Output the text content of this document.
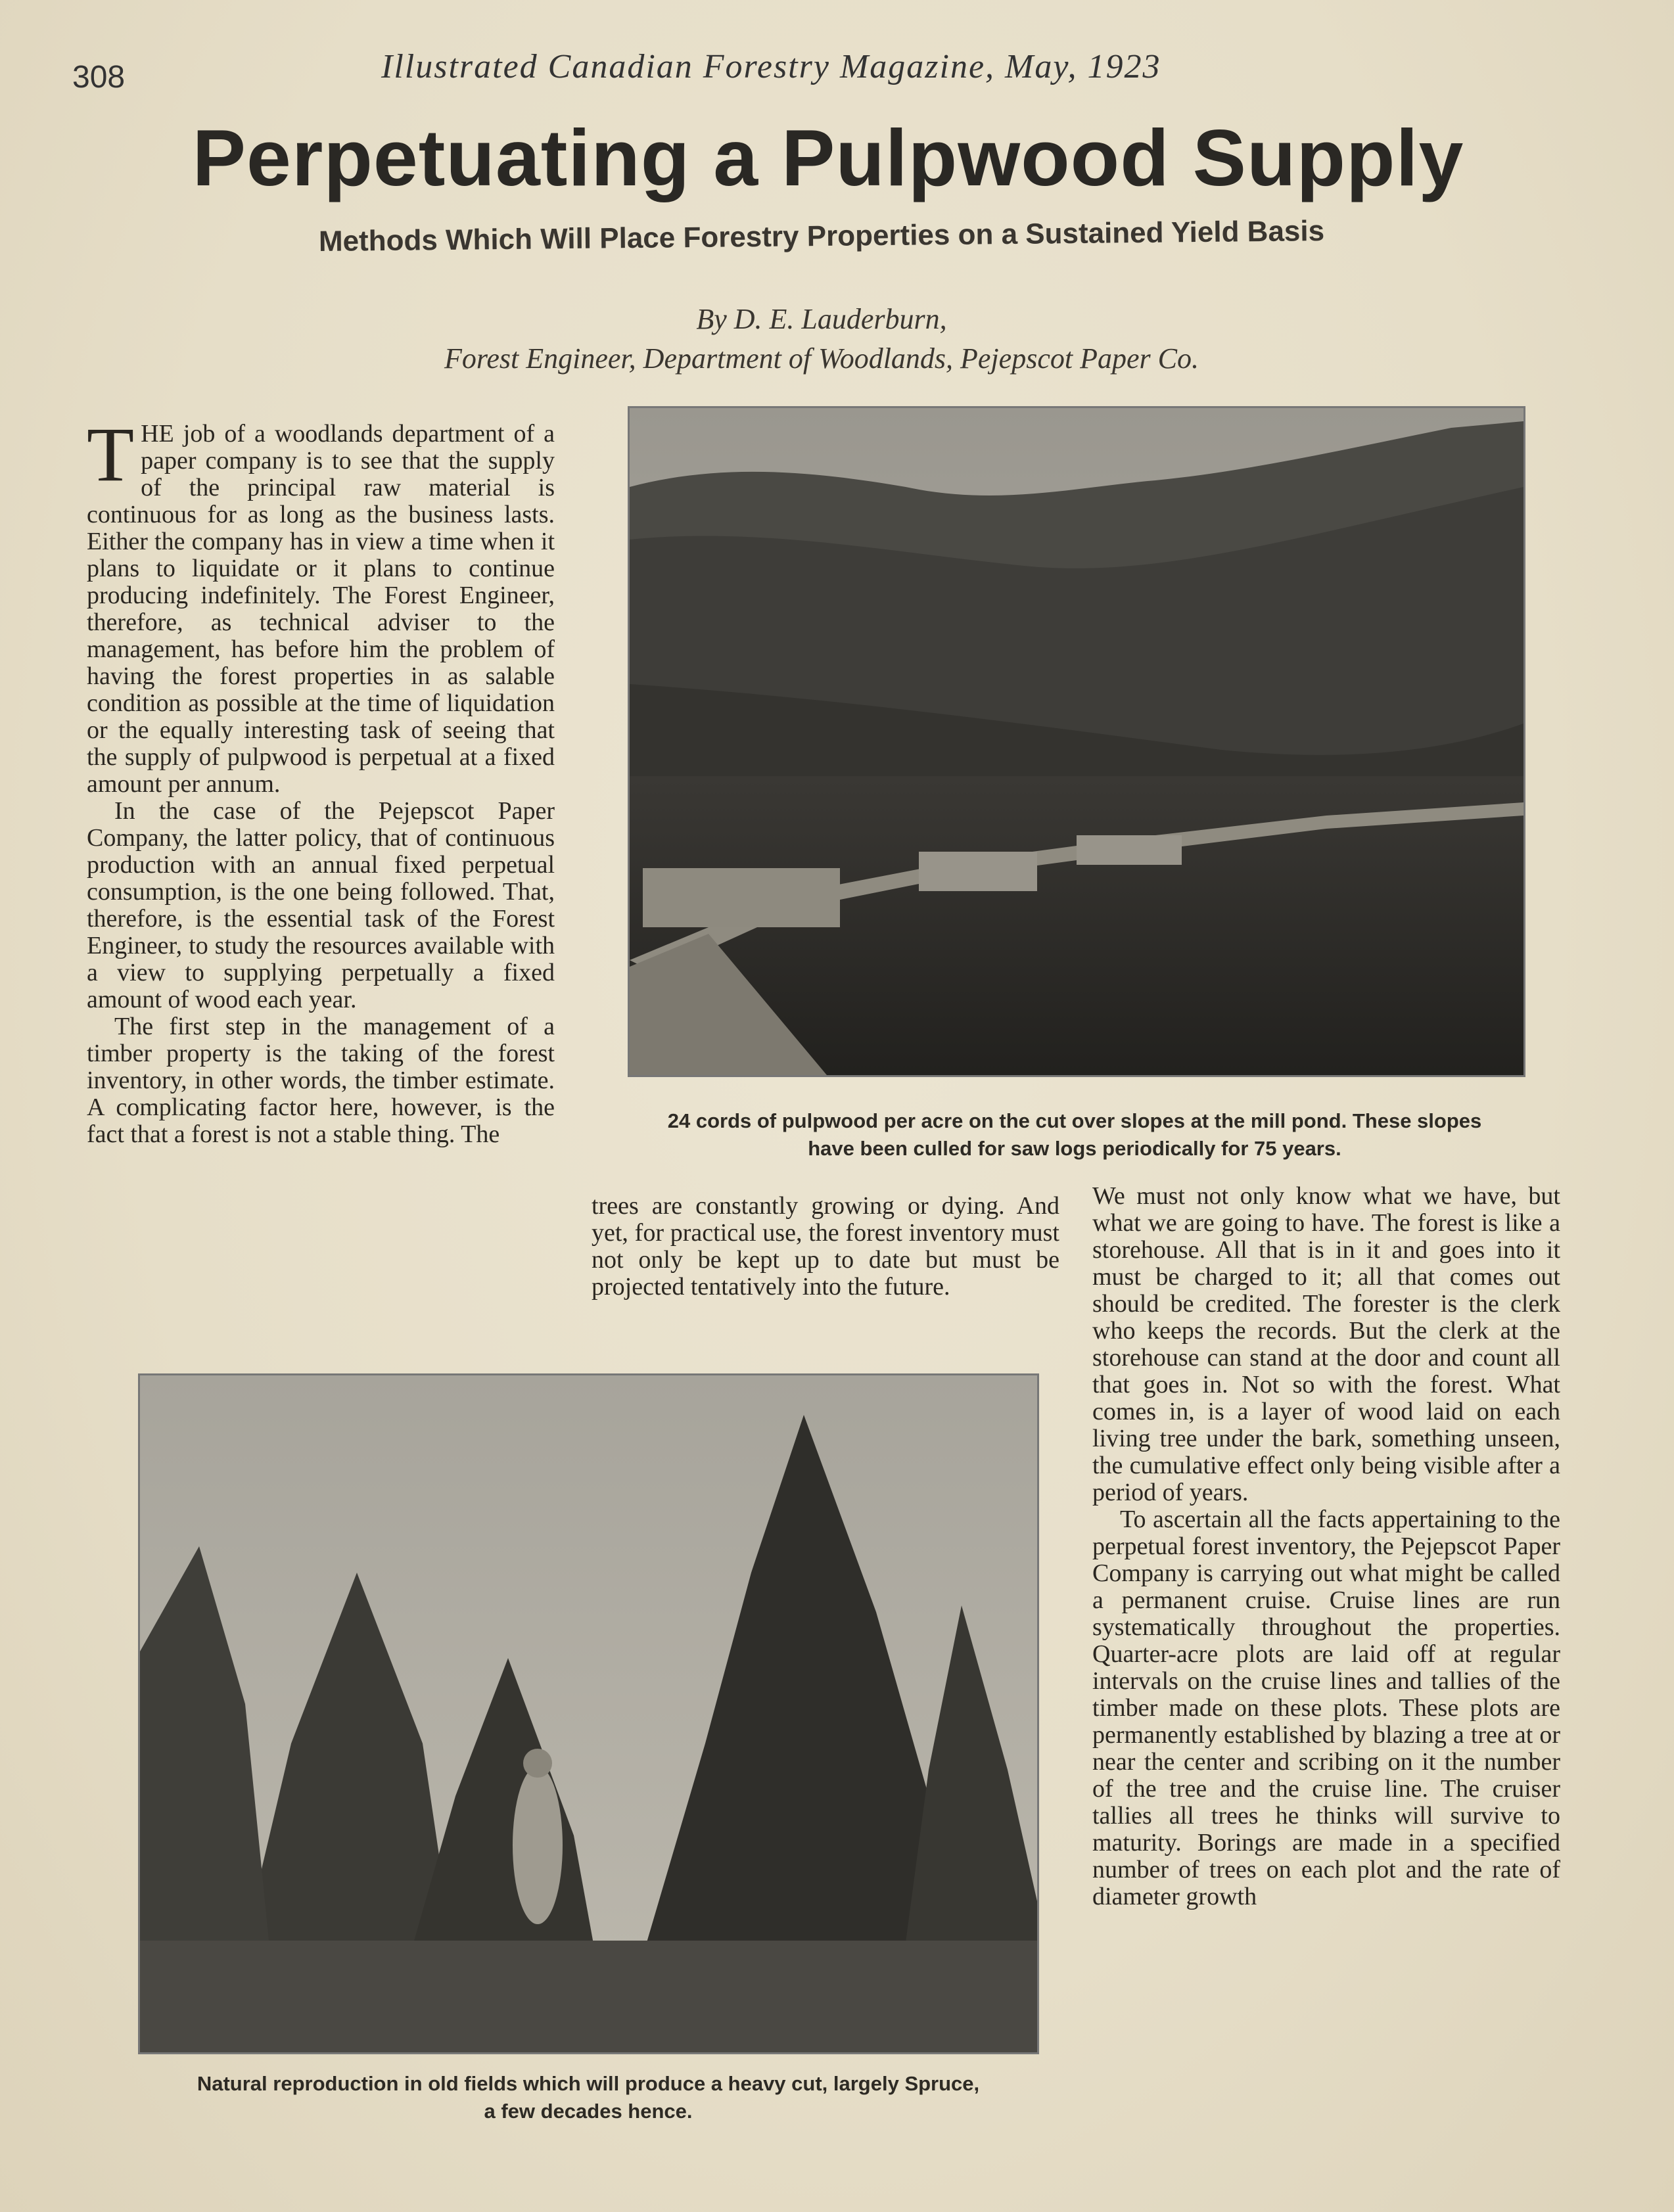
308	Illustrated Canadian Forestry Magazine, May, 1923
Perpetuating a Pulpwood Supply
Methods Which Will Place Forestry Properties on a Sustained Yield Basis
By D. E. Lauderburn,
Forest Engineer, Department of Woodlands, Pejepscot Paper Co.

THE job of a woodlands department of a paper company is to see that the supply of the principal raw material is continuous for as long as the business lasts. Either the company has in view a time when it plans to liquidate or it plans to continue producing indefinitely. The Forest Engineer, therefore, as technical adviser to the management, has before him the problem of having the forest properties in as salable condition as possible at the time of liquidation or the equally interesting task of seeing that the supply of pulpwood is perpetual at a fixed amount per annum.

In the case of the Pejepscot Paper Company, the latter policy, that of continuous production with an annual fixed perpetual consumption, is the one being followed. That, therefore, is the essential task of the Forest Engineer, to study the resources available with a view to supplying perpetually a fixed amount of wood each year.

The first step in the management of a timber property is the taking of the forest inventory, in other words, the timber estimate. A complicating factor here, however, is the fact that a forest is not a stable thing. The	24 cords of pulpwood per acre on the cut over slopes at the mill pond. These slopes have been culled for saw logs periodically for 75 years.

trees are constantly growing or dying. And yet, for practical use, the forest inventory must not only be kept up to date but must be projected tentatively into the future.

We must not only know what we have, but what we are going to have. The forest is like a storehouse. All that is in it and goes into it must be charged to it; all that comes out should be credited. The forester is the clerk who keeps the records. But the clerk at the storehouse can stand at the door and count all that goes in. Not so with the forest. What comes in, is a layer of wood laid on each living tree under the bark, something unseen, the cumulative effect only being visible after a period of years.

To ascertain all the facts appertaining to the perpetual forest inventory, the Pejepscot Paper Company is carrying out what might be called a permanent cruise. Cruise lines are run systematically throughout the properties. Quarter-acre plots are laid off at regular intervals on the cruise lines and tallies of the timber made on these plots. These plots are permanently established by blazing a tree at or near the center and scribing on it the number of the tree and the cruise line. The cruiser tallies all trees he thinks will survive to maturity. Borings are made in a specified number of trees on each plot and the rate of diameter growth

Natural reproduction in old fields which will produce a heavy cut, largely Spruce, a few decades hence.
